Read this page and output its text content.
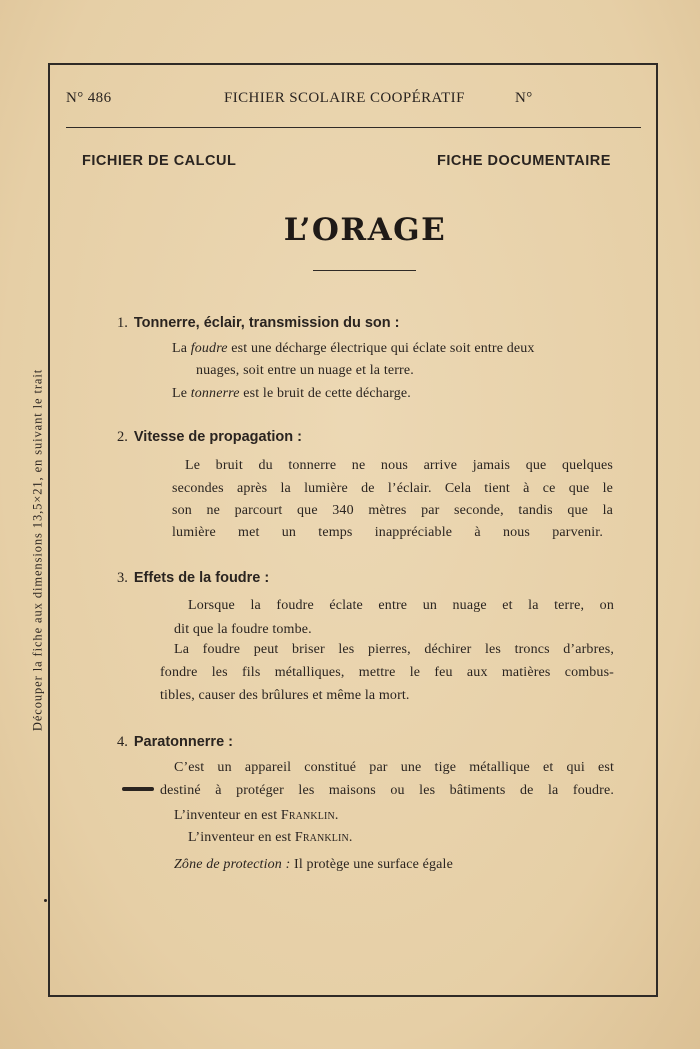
Découper la fiche aux dimensions 13,5×21, en suivant le trait
N° 486	FICHIER SCOLAIRE COOPÉRATIF	N°
FICHIER DE CALCUL	FICHE DOCUMENTAIRE
L’ORAGE
1. Tonnerre, éclair, transmission du son :
La foudre est une décharge électrique qui éclate soit entre deux
nuages, soit entre un nuage et la terre.
Le tonnerre est le bruit de cette décharge.
2. Vitesse de propagation :
Le bruit du tonnerre ne nous arrive jamais que quelques
secondes après la lumière de l’éclair. Cela tient à ce que le
son ne parcourt que 340 mètres par seconde, tandis que la
lumière met un temps inappréciable à nous parvenir.
3. Effets de la foudre :
Lorsque la foudre éclate entre un nuage et la terre, on
dit que la foudre tombe.
La foudre peut briser les pierres, déchirer les troncs d’arbres,
fondre les fils métalliques, mettre le feu aux matières combus-
tibles, causer des brûlures et même la mort.
4. Paratonnerre :
C’est un appareil constitué par une tige métallique et qui est
destiné à protéger les maisons ou les bâtiments de la foudre.
L’inventeur en est Franklin.
L’inventeur en est Franklin.
Zône de protection : Il protège une surface égale
